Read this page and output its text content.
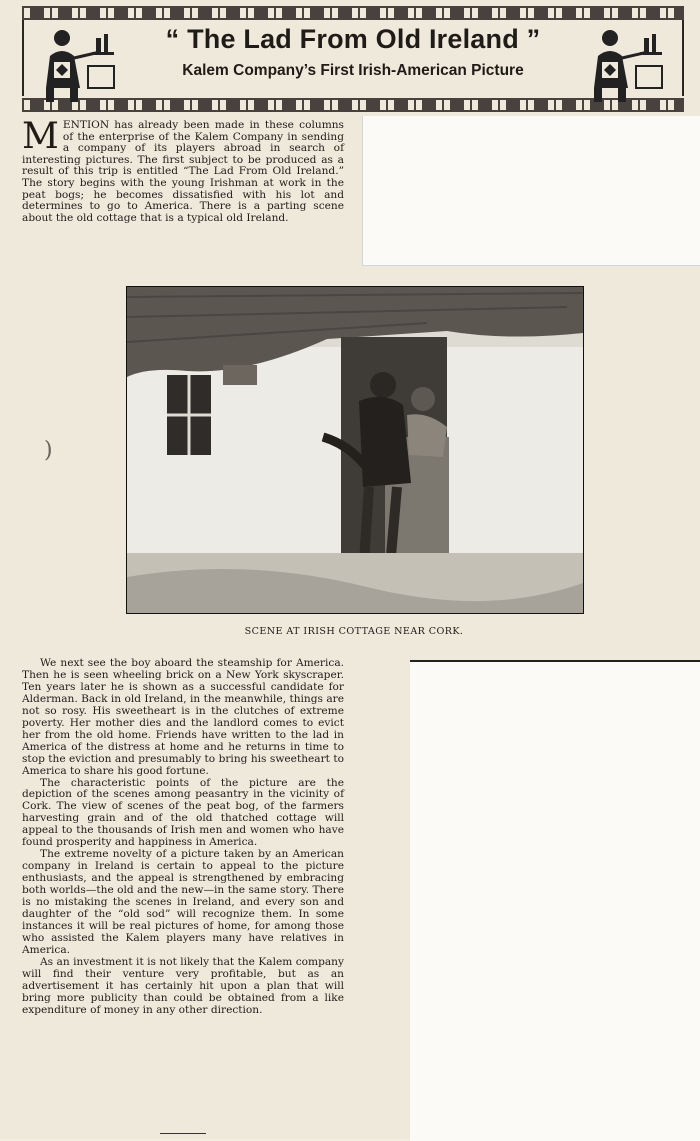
“ The Lad From Old Ireland ”
Kalem Company’s First Irish-American Picture
M ENTION has already been made in these columns of the enterprise of the Kalem Company in sending a company of its players abroad in search of interesting pictures. The first subject to be produced as a result of this trip is entitled “The Lad From Old Ireland.” The story begins with the young Irishman at work in the peat bogs; he becomes dissatisfied with his lot and determines to go to America. There is a parting scene about the old cottage that is a typical old Ireland.
SCENE AT IRISH COTTAGE NEAR CORK.
)

We next see the boy aboard the steamship for America. Then he is seen wheeling brick on a New York skyscraper. Ten years later he is shown as a successful candidate for Alderman. Back in old Ireland, in the meanwhile, things are not so rosy. His sweetheart is in the clutches of extreme poverty. Her mother dies and the landlord comes to evict her from the old home. Friends have written to the lad in America of the distress at home and he returns in time to stop the eviction and presumably to bring his sweetheart to America to share his good fortune.

The characteristic points of the picture are the depiction of the scenes among peasantry in the vicinity of Cork. The view of scenes of the peat bog, of the farmers harvesting grain and of the old thatched cottage will appeal to the thousands of Irish men and women who have found prosperity and happiness in America.

The extreme novelty of a picture taken by an American company in Ireland is certain to appeal to the picture enthusiasts, and the appeal is strengthened by embracing both worlds—the old and the new—in the same story. There is no mistaking the scenes in Ireland, and every son and daughter of the “old sod” will recognize them. In some instances it will be real pictures of home, for among those who assisted the Kalem players many have relatives in America.

As an investment it is not likely that the Kalem company will find their venture very profitable, but as an advertisement it has certainly hit upon a plan that will bring more publicity than could be obtained from a like expenditure of money in any other direction.
